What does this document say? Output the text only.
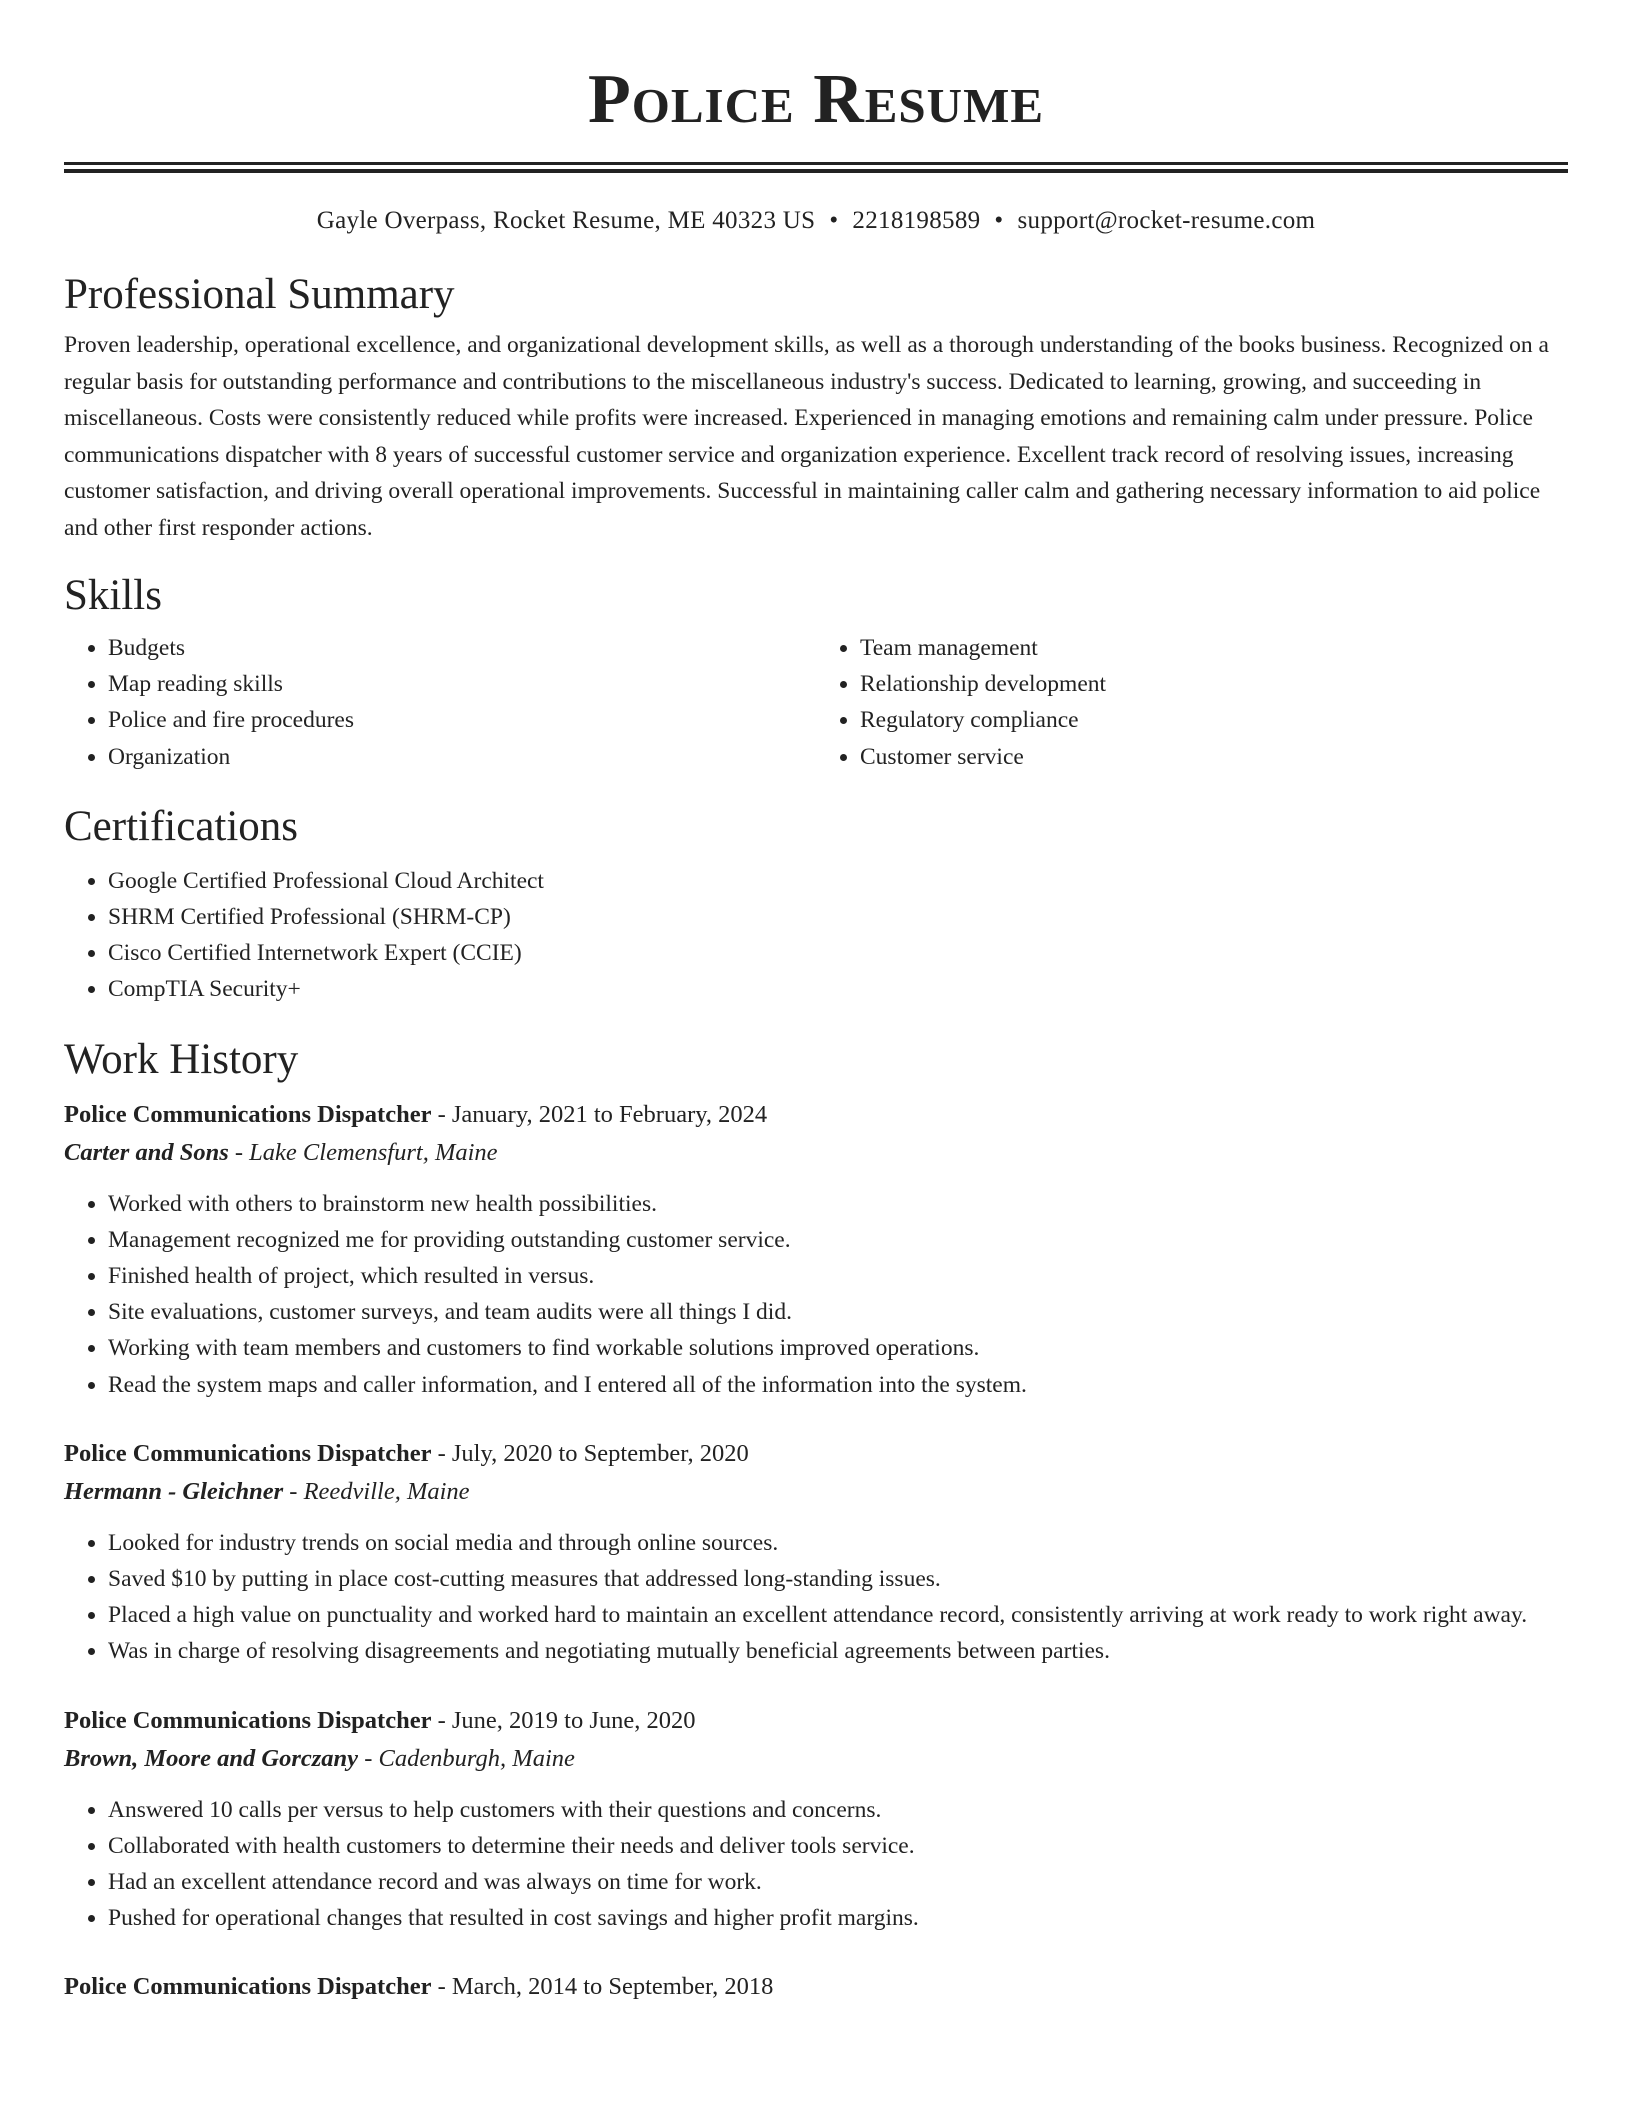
Police Resume
Gayle Overpass, Rocket Resume, ME 40323 US • 2218198589 • support@rocket-resume.com
Professional Summary

Proven leadership, operational excellence, and organizational development skills, as well as a thorough understanding of the books business. Recognized on a regular basis for outstanding performance and contributions to the miscellaneous industry's success. Dedicated to learning, growing, and succeeding in miscellaneous. Costs were consistently reduced while profits were increased. Experienced in managing emotions and remaining calm under pressure. Police communications dispatcher with 8 years of successful customer service and organization experience. Excellent track record of resolving issues, increasing customer satisfaction, and driving overall operational improvements. Successful in maintaining caller calm and gathering necessary information to aid police and other first responder actions.

Skills
• Budgets
• Map reading skills
• Police and fire procedures
• Organization
• Team management
• Relationship development
• Regulatory compliance
• Customer service
Certifications
• Google Certified Professional Cloud Architect
• SHRM Certified Professional (SHRM-CP)
• Cisco Certified Internetwork Expert (CCIE)
• CompTIA Security+
Work History
Police Communications Dispatcher - January, 2021 to February, 2024
Carter and Sons - Lake Clemensfurt, Maine
• Worked with others to brainstorm new health possibilities.
• Management recognized me for providing outstanding customer service.
• Finished health of project, which resulted in versus.
• Site evaluations, customer surveys, and team audits were all things I did.
• Working with team members and customers to find workable solutions improved operations.
• Read the system maps and caller information, and I entered all of the information into the system.
Police Communications Dispatcher - July, 2020 to September, 2020
Hermann - Gleichner - Reedville, Maine
• Looked for industry trends on social media and through online sources.
• Saved $10 by putting in place cost-cutting measures that addressed long-standing issues.
• Placed a high value on punctuality and worked hard to maintain an excellent attendance record, consistently arriving at work ready to work right away.
• Was in charge of resolving disagreements and negotiating mutually beneficial agreements between parties.
Police Communications Dispatcher - June, 2019 to June, 2020
Brown, Moore and Gorczany - Cadenburgh, Maine
• Answered 10 calls per versus to help customers with their questions and concerns.
• Collaborated with health customers to determine their needs and deliver tools service.
• Had an excellent attendance record and was always on time for work.
• Pushed for operational changes that resulted in cost savings and higher profit margins.
Police Communications Dispatcher - March, 2014 to September, 2018
